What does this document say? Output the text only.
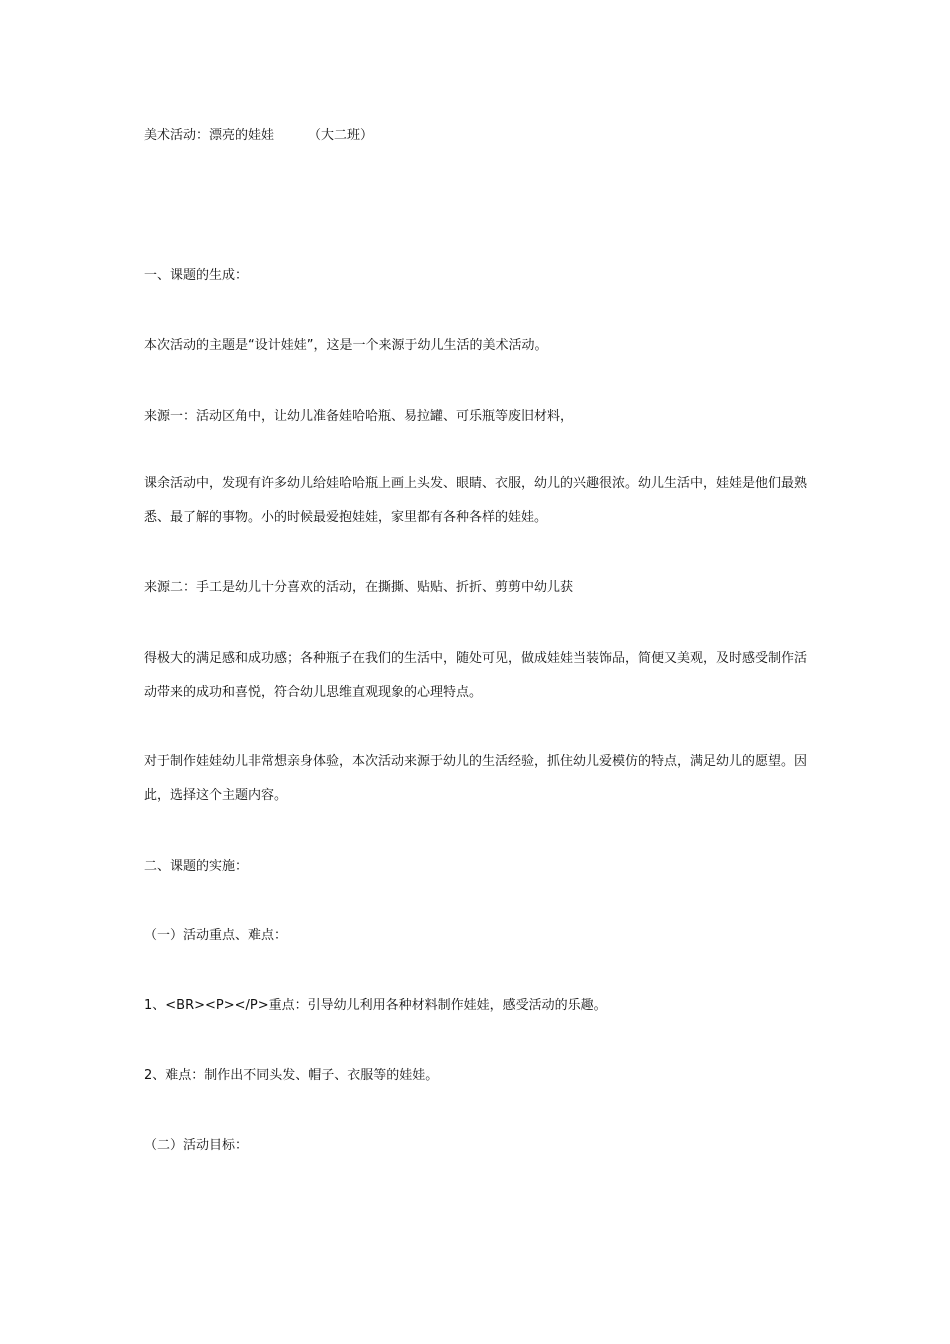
美术活动：漂亮的娃娃	（大二班）
一、课题的生成：
本次活动的主题是“设计娃娃”，这是一个来源于幼儿生活的美术活动。
来源一：活动区角中，让幼儿准备娃哈哈瓶、易拉罐、可乐瓶等废旧材料，
课余活动中，发现有许多幼儿给娃哈哈瓶上画上头发、眼睛、衣服，幼儿的兴趣很浓。幼儿生活中，娃娃是他们最熟悉、最了解的事物。小的时候最爱抱娃娃，家里都有各种各样的娃娃。
来源二：手工是幼儿十分喜欢的活动，在撕撕、贴贴、折折、剪剪中幼儿获
得极大的满足感和成功感；各种瓶子在我们的生活中，随处可见，做成娃娃当装饰品，简便又美观，及时感受制作活动带来的成功和喜悦，符合幼儿思维直观现象的心理特点。
对于制作娃娃幼儿非常想亲身体验，本次活动来源于幼儿的生活经验，抓住幼儿爱模仿的特点，满足幼儿的愿望。因此，选择这个主题内容。
二、课题的实施：
（一）活动重点、难点：
1、<BR><P></P>重点：引导幼儿利用各种材料制作娃娃，感受活动的乐趣。
2、难点：制作出不同头发、帽子、衣服等的娃娃。
（二）活动目标：
